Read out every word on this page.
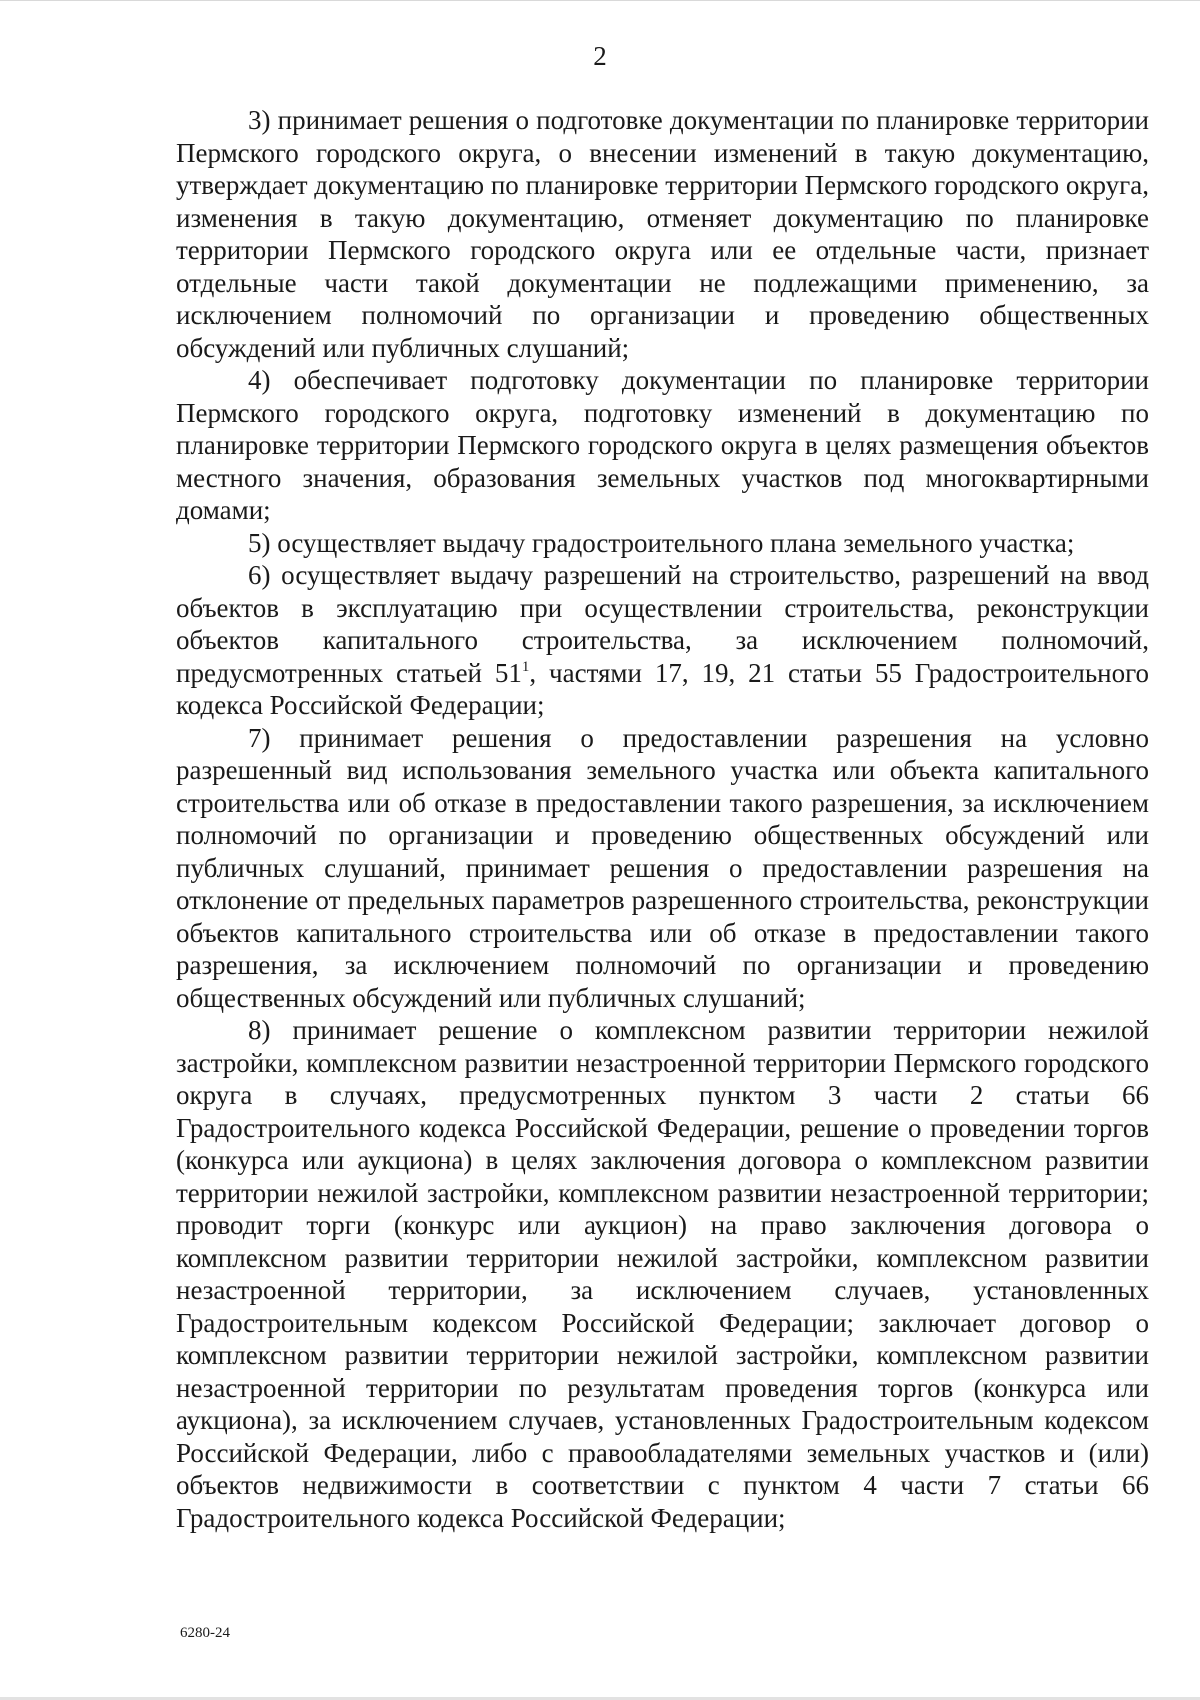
2

3) принимает решения о подготовке документации по планировке территории Пермского городского округа, о внесении изменений в такую документацию, утверждает документацию по планировке территории Пермского городского округа, изменения в такую документацию, отменяет документацию по планировке территории Пермского городского округа или ее отдельные части, признает отдельные части такой документации не подлежащими применению, за исключением полномочий по организации и проведению общественных обсуждений или публичных слушаний;

4) обеспечивает подготовку документации по планировке территории Пермского городского округа, подготовку изменений в документацию по планировке территории Пермского городского округа в целях размещения объектов местного значения, образования земельных участков под многоквартирными домами;

5) осуществляет выдачу градостроительного плана земельного участка;

6) осуществляет выдачу разрешений на строительство, разрешений на ввод объектов в эксплуатацию при осуществлении строительства, реконструкции объектов капитального строительства, за исключением полномочий, предусмотренных статьей $51^1$, частями 17, 19, 21 статьи 55 Градостроительного кодекса Российской Федерации;

7) принимает решения о предоставлении разрешения на условно разрешенный вид использования земельного участка или объекта капитального строительства или об отказе в предоставлении такого разрешения, за исключением полномочий по организации и проведению общественных обсуждений или публичных слушаний, принимает решения о предоставлении разрешения на отклонение от предельных параметров разрешенного строительства, реконструкции объектов капитального строительства или об отказе в предоставлении такого разрешения, за исключением полномочий по организации и проведению общественных обсуждений или публичных слушаний;

8) принимает решение о комплексном развитии территории нежилой застройки, комплексном развитии незастроенной территории Пермского городского округа в случаях, предусмотренных пунктом 3 части 2 статьи 66 Градостроительного кодекса Российской Федерации, решение о проведении торгов (конкурса или аукциона) в целях заключения договора о комплексном развитии территории нежилой застройки, комплексном развитии незастроенной территории; проводит торги (конкурс или аукцион) на право заключения договора о комплексном развитии территории нежилой застройки, комплексном развитии незастроенной территории, за исключением случаев, установленных Градостроительным кодексом Российской Федерации; заключает договор о комплексном развитии территории нежилой застройки, комплексном развитии незастроенной территории по результатам проведения торгов (конкурса или аукциона), за исключением случаев, установленных Градостроительным кодексом Российской Федерации, либо с правообладателями земельных участков и (или) объектов недвижимости в соответствии с пунктом 4 части 7 статьи 66 Градостроительного кодекса Российской Федерации;

6280-24
